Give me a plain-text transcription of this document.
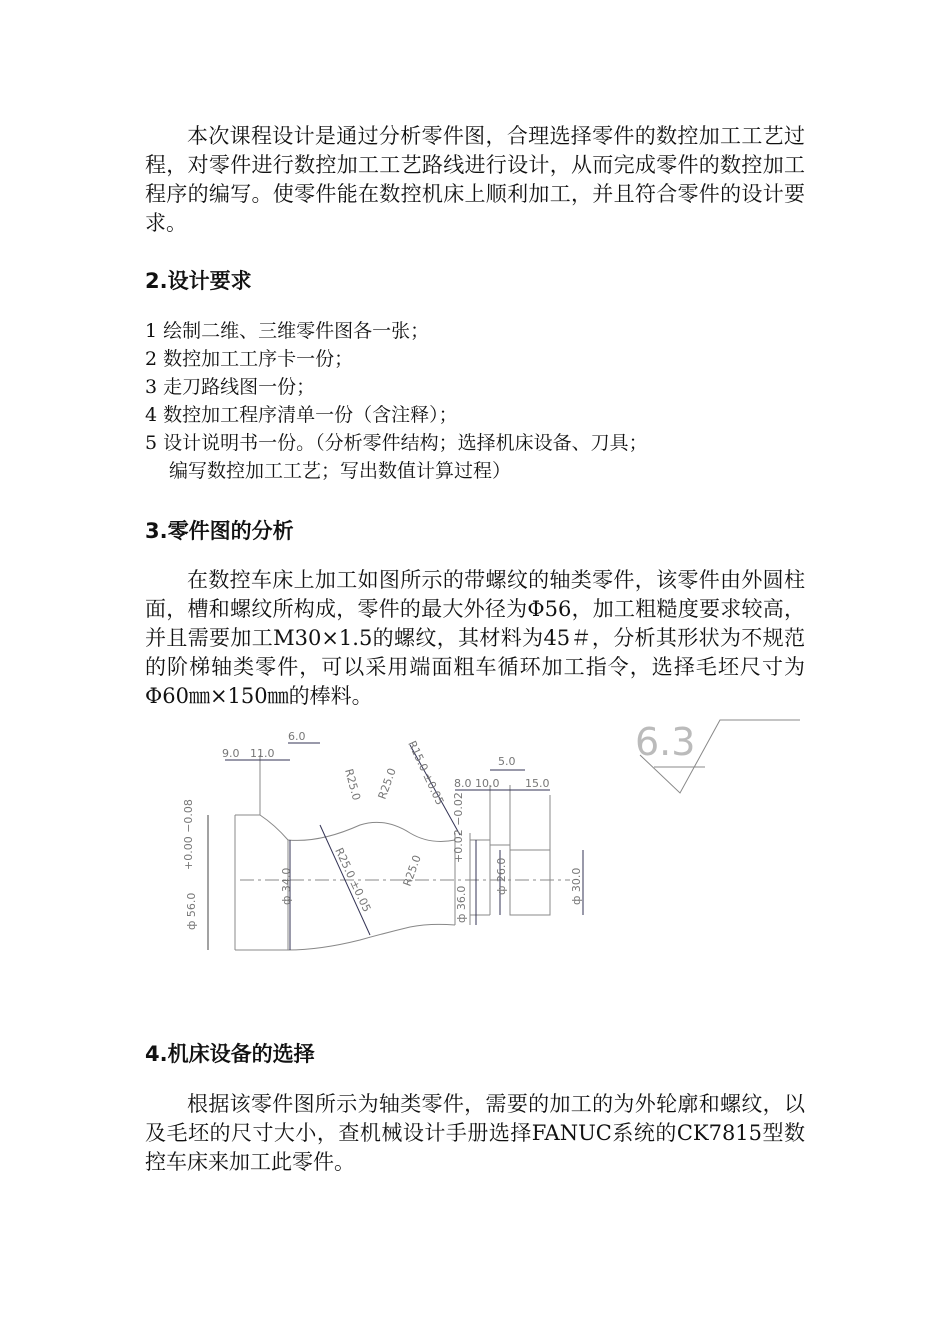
本次课程设计是通过分析零件图，合理选择零件的数控加工工艺过程，对零件进行数控加工工艺路线进行设计，从而完成零件的数控加工程序的编写。使零件能在数控机床上顺利加工，并且符合零件的设计要求。

2.设计要求
1 绘制二维、三维零件图各一张；
2 数控加工工序卡一份；
3 走刀路线图一份；
4 数控加工程序清单一份（含注释）；
5 设计说明书一份。（分析零件结构；选择机床设备、刀具；
编写数控加工工艺；写出数值计算过程）
3.零件图的分析

在数控车床上加工如图所示的带螺纹的轴类零件，该零件由外圆柱面，槽和螺纹所构成，零件的最大外径为Φ56，加工粗糙度要求较高，并且需要加工M30×1.5的螺纹，其材料为45＃，分析其形状为不规范的阶梯轴类零件，可以采用端面粗车循环加工指令，选择毛坯尺寸为Φ60㎜×150㎜的棒料。

4.机床设备的选择

根据该零件图所示为轴类零件，需要的加工的为外轮廓和螺纹，以及毛坯的尺寸大小，查机械设计手册选择FANUC系统的CK7815型数控车床来加工此零件。

9.0 11.0
6.0
8.0 10.0
5.0
15.0
R25.0 R25.0 R15.0 ±0.05
R25.0 ±0.05 R25.0
ф 56.0
+0.00 −0.08
ф 34.0	ф 36.0
+0.02 −0.02
ф 26.0	ф 30.0
6.3
